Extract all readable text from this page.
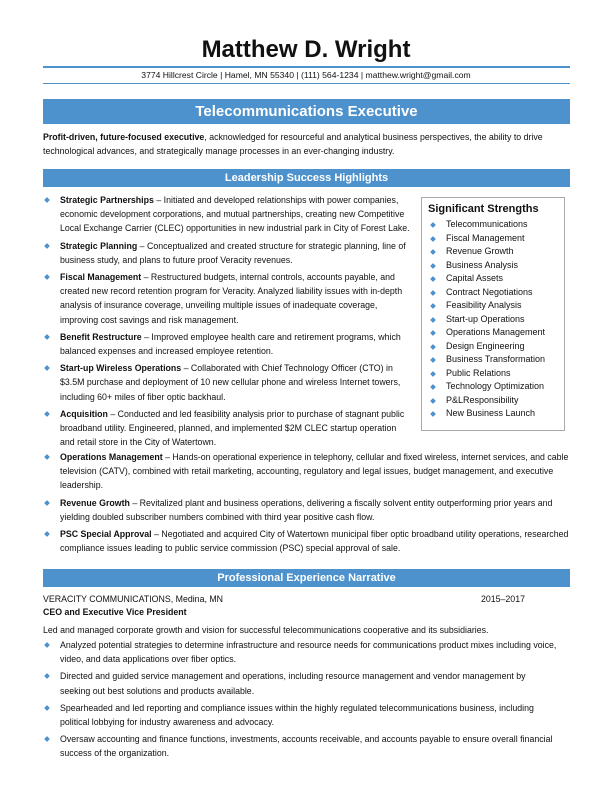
Matthew D. Wright
3774 Hillcrest Circle | Hamel, MN 55340 | (111) 564-1234 | matthew.wright@gmail.com
Telecommunications Executive
Profit-driven, future-focused executive, acknowledged for resourceful and analytical business perspectives, the ability to drive technological advances, and strategically manage processes in an ever-changing industry.
Leadership Success Highlights
Strategic Partnerships – Initiated and developed relationships with power companies, economic development corporations, and mutual partnerships, creating new Competitive Local Exchange Carrier (CLEC) opportunities in new industrial park in City of Forest Lake.
Strategic Planning – Conceptualized and created structure for strategic planning, line of business study, and plans to future proof Veracity revenues.
Fiscal Management – Restructured budgets, internal controls, accounts payable, and created new record retention program for Veracity. Analyzed liability issues with in-depth analysis of insurance coverage, unveiling multiple issues of inadequate coverage, improving cost savings and risk management.
Benefit Restructure – Improved employee health care and retirement programs, which balanced expenses and increased employee retention.
Start-up Wireless Operations – Collaborated with Chief Technology Officer (CTO) in $3.5M purchase and deployment of 10 new cellular phone and wireless Internet towers, including 60+ miles of fiber optic backhaul.
Acquisition – Conducted and led feasibility analysis prior to purchase of stagnant public broadband utility. Engineered, planned, and implemented $2M CLEC startup operation and retail store in the City of Watertown.
Operations Management – Hands-on operational experience in telephony, cellular and fixed wireless, internet services, and cable television (CATV), combined with retail marketing, accounting, regulatory and legal issues, budget management, and executive leadership.
Revenue Growth – Revitalized plant and business operations, delivering a fiscally solvent entity outperforming prior years and yielding doubled subscriber numbers combined with third year positive cash flow.
PSC Special Approval – Negotiated and acquired City of Watertown municipal fiber optic broadband utility operations, researched compliance issues leading to public service commission (PSC) special approval of sale.
Significant Strengths
Telecommunications
Fiscal Management
Revenue Growth
Business Analysis
Capital Assets
Contract Negotiations
Feasibility Analysis
Start-up Operations
Operations Management
Design Engineering
Business Transformation
Public Relations
Technology Optimization
P&LResponsibility
New Business Launch
Professional Experience Narrative
VERACITY COMMUNICATIONS, Medina, MN	2015–2017
CEO and Executive Vice President
Led and managed corporate growth and vision for successful telecommunications cooperative and its subsidiaries.
Analyzed potential strategies to determine infrastructure and resource needs for communications product mixes including voice, video, and data applications over fiber optics.
Directed and guided service management and operations, including resource management and vendor management by seeking out best solutions and products available.
Spearheaded and led reporting and compliance issues within the highly regulated telecommunications business, including political lobbying for industry awareness and advocacy.
Oversaw accounting and finance functions, investments, accounts receivable, and accounts payable to ensure overall financial success of the organization.
